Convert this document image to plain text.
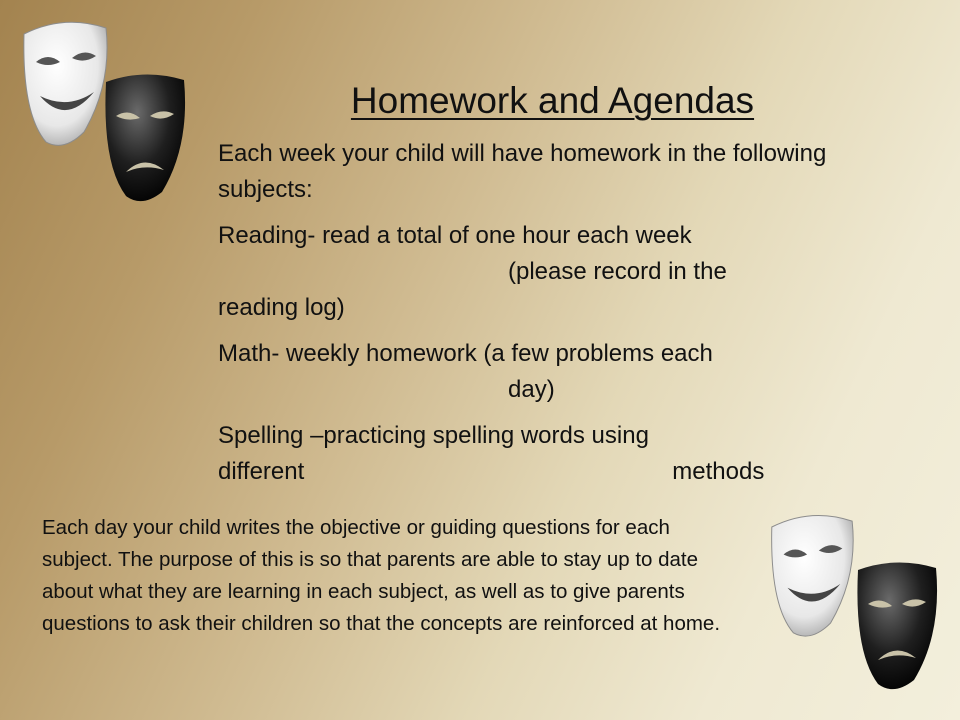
Homework and Agendas

Each week your child will have homework in the following subjects:

Reading- read a total of one hour each week
(please record in the
reading log)

Math- weekly homework (a few problems each
day)

Spelling –practicing spelling words using
different	methods

Each day your child writes the objective or guiding questions for each subject. The purpose of this is so that parents are able to stay up to date about what they are learning in each subject, as well as to give parents questions to ask their children so that the concepts are reinforced at home.
